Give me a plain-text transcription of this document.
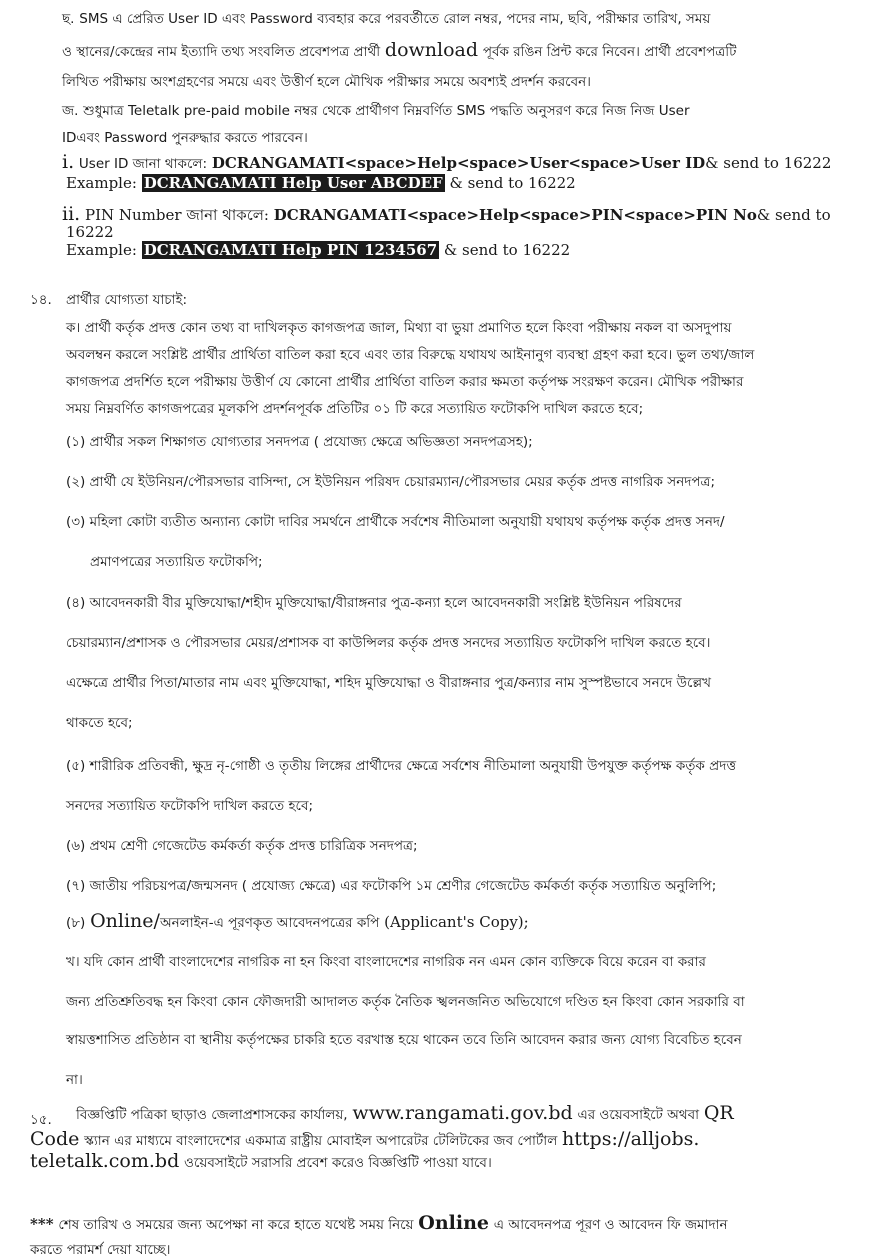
ছ. SMS এ প্রেরিত User ID এবং Password ব্যবহার করে পরবর্তীতে রোল নম্বর, পদের নাম, ছবি, পরীক্ষার তারিখ, সময়
ও স্থানের/কেন্দ্রের নাম ইত্যাদি তথ্য সংবলিত প্রবেশপত্র প্রার্থী download পূর্বক রঙিন প্রিন্ট করে নিবেন। প্রার্থী প্রবেশপত্রটি
লিখিত পরীক্ষায় অংশগ্রহণের সময়ে এবং উত্তীর্ণ হলে মৌখিক পরীক্ষার সময়ে অবশ্যই প্রদর্শন করবেন।
জ. শুধুমাত্র Teletalk pre-paid mobile নম্বর থেকে প্রার্থীগণ নিম্নবর্ণিত SMS পদ্ধতি অনুসরণ করে নিজ নিজ User
IDএবং Password পুনরুদ্ধার করতে পারবেন।
i. User ID জানা থাকলে: DCRANGAMATI<space>Help<space>User<space>User ID& send to 16222
Example: DCRANGAMATI Help User ABCDEF & send to 16222
ii. PIN Number জানা থাকলে: DCRANGAMATI<space>Help<space>PIN<space>PIN No& send to
16222
Example: DCRANGAMATI Help PIN 1234567 & send to 16222
১৪. প্রার্থীর যোগ্যতা যাচাই:
ক। প্রার্থী কর্তৃক প্রদত্ত কোন তথ্য বা দাখিলকৃত কাগজপত্র জাল, মিথ্যা বা ভুয়া প্রমাণিত হলে কিংবা পরীক্ষায় নকল বা অসদুপায়
অবলম্বন করলে সংশ্লিষ্ট প্রার্থীর প্রার্থিতা বাতিল করা হবে এবং তার বিরুদ্ধে যথাযথ আইনানুগ ব্যবস্থা গ্রহণ করা হবে। ভুল তথ্য/জাল
কাগজপত্র প্রদর্শিত হলে পরীক্ষায় উত্তীর্ণ যে কোনো প্রার্থীর প্রার্থিতা বাতিল করার ক্ষমতা কর্তৃপক্ষ সংরক্ষণ করেন। মৌখিক পরীক্ষার
সময় নিম্নবর্ণিত কাগজপত্রের মূলকপি প্রদর্শনপূর্বক প্রতিটির ০১ টি করে সত্যায়িত ফটোকপি দাখিল করতে হবে;
(১) প্রার্থীর সকল শিক্ষাগত যোগ্যতার সনদপত্র ( প্রযোজ্য ক্ষেত্রে অভিজ্ঞতা সনদপত্রসহ);
(২) প্রার্থী যে ইউনিয়ন/পৌরসভার বাসিন্দা, সে ইউনিয়ন পরিষদ চেয়ারম্যান/পৌরসভার মেয়র কর্তৃক প্রদত্ত নাগরিক সনদপত্র;
(৩) মহিলা কোটা ব্যতীত অন্যান্য কোটা দাবির সমর্থনে প্রার্থীকে সর্বশেষ নীতিমালা অনুযায়ী যথাযথ কর্তৃপক্ষ কর্তৃক প্রদত্ত সনদ/
প্রমাণপত্রের সত্যায়িত ফটোকপি;
(৪) আবেদনকারী বীর মুক্তিযোদ্ধা/শহীদ মুক্তিযোদ্ধা/বীরাঙ্গনার পুত্র-কন্যা হলে আবেদনকারী সংশ্লিষ্ট ইউনিয়ন পরিষদের
চেয়ারম্যান/প্রশাসক ও পৌরসভার মেয়র/প্রশাসক বা কাউন্সিলর কর্তৃক প্রদত্ত সনদের সত্যায়িত ফটোকপি দাখিল করতে হবে।
এক্ষেত্রে প্রার্থীর পিতা/মাতার নাম এবং মুক্তিযোদ্ধা, শহিদ মুক্তিযোদ্ধা ও বীরাঙ্গনার পুত্র/কন্যার নাম সুস্পষ্টভাবে সনদে উল্লেখ
থাকতে হবে;
(৫) শারীরিক প্রতিবন্ধী, ক্ষুদ্র নৃ-গোষ্ঠী ও তৃতীয় লিঙ্গের প্রার্থীদের ক্ষেত্রে সর্বশেষ নীতিমালা অনুযায়ী উপযুক্ত কর্তৃপক্ষ কর্তৃক প্রদত্ত
সনদের সত্যায়িত ফটোকপি দাখিল করতে হবে;
(৬) প্রথম শ্রেণী গেজেটেড কর্মকর্তা কর্তৃক প্রদত্ত চারিত্রিক সনদপত্র;
(৭) জাতীয় পরিচয়পত্র/জন্মসনদ ( প্রযোজ্য ক্ষেত্রে) এর ফটোকপি ১ম শ্রেণীর গেজেটেড কর্মকর্তা কর্তৃক সত্যায়িত অনুলিপি;
(৮) Online/অনলাইন-এ পূরণকৃত আবেদনপত্রের কপি (Applicant's Copy);
খ। যদি কোন প্রার্থী বাংলাদেশের নাগরিক না হন কিংবা বাংলাদেশের নাগরিক নন এমন কোন ব্যক্তিকে বিয়ে করেন বা করার
জন্য প্রতিশ্রুতিবদ্ধ হন কিংবা কোন ফৌজদারী আদালত কর্তৃক নৈতিক স্খলনজনিত অভিযোগে দণ্ডিত হন কিংবা কোন সরকারি বা
স্বায়ত্তশাসিত প্রতিষ্ঠান বা স্থানীয় কর্তৃপক্ষের চাকরি হতে বরখাস্ত হয়ে থাকেন তবে তিনি আবেদন করার জন্য যোগ্য বিবেচিত হবেন
না।
১৫. বিজ্ঞপ্তিটি পত্রিকা ছাড়াও জেলাপ্রশাসকের কার্যালয়, www.rangamati.gov.bd এর ওয়েবসাইটে অথবা QR
Code স্ক্যান এর মাধ্যমে বাংলাদেশের একমাত্র রাষ্ট্রীয় মোবাইল অপারেটর টেলিটকের জব পোর্টাল https://alljobs.
teletalk.com.bd ওয়েবসাইটে সরাসরি প্রবেশ করেও বিজ্ঞপ্তিটি পাওয়া যাবে।
*** শেষ তারিখ ও সময়ের জন্য অপেক্ষা না করে হাতে যথেষ্ট সময় নিয়ে Online এ আবেদনপত্র পূরণ ও আবেদন ফি জমাদান
করতে পরামর্শ দেয়া যাচ্ছে।
